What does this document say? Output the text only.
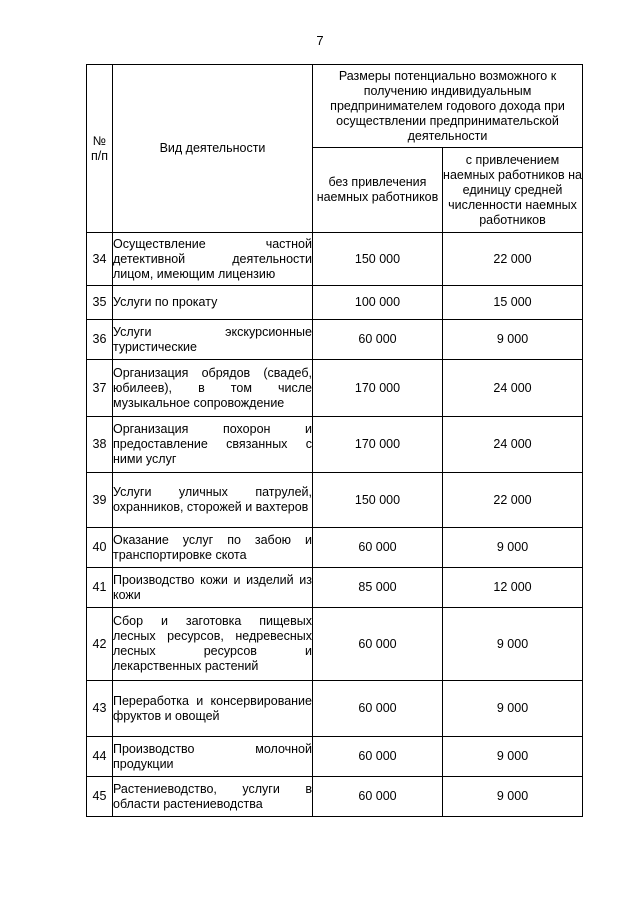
7
№ п/п	Вид деятельности	Размеры потенциально возможного к получению индивидуальным предпринимателем годового дохода при осуществлении предпринимательской деятельности	
		без привлечения наемных работников	с привлечением наемных работников на единицу средней численности наемных работников
34	Осуществление частной детективной деятельности лицом, имеющим лицензию	150 000	22 000
35	Услуги по прокату	100 000	15 000
36	Услуги экскурсионные туристические	60 000	9 000
37	Организация обрядов (свадеб, юбилеев), в том числе музыкальное сопровождение	170 000	24 000
38	Организация похорон и предоставление связанных с ними услуг	170 000	24 000
39	Услуги уличных патрулей, охранников, сторожей и вахтеров	150 000	22 000
40	Оказание услуг по забою и транспортировке скота	60 000	9 000
41	Производство кожи и изделий из кожи	85 000	12 000
42	Сбор и заготовка пищевых лесных ресурсов, недревесных лесных ресурсов и лекарственных растений	60 000	9 000
43	Переработка и консервирование фруктов и овощей	60 000	9 000
44	Производство молочной продукции	60 000	9 000
45	Растениеводство, услуги в области растениеводства	60 000	9 000
